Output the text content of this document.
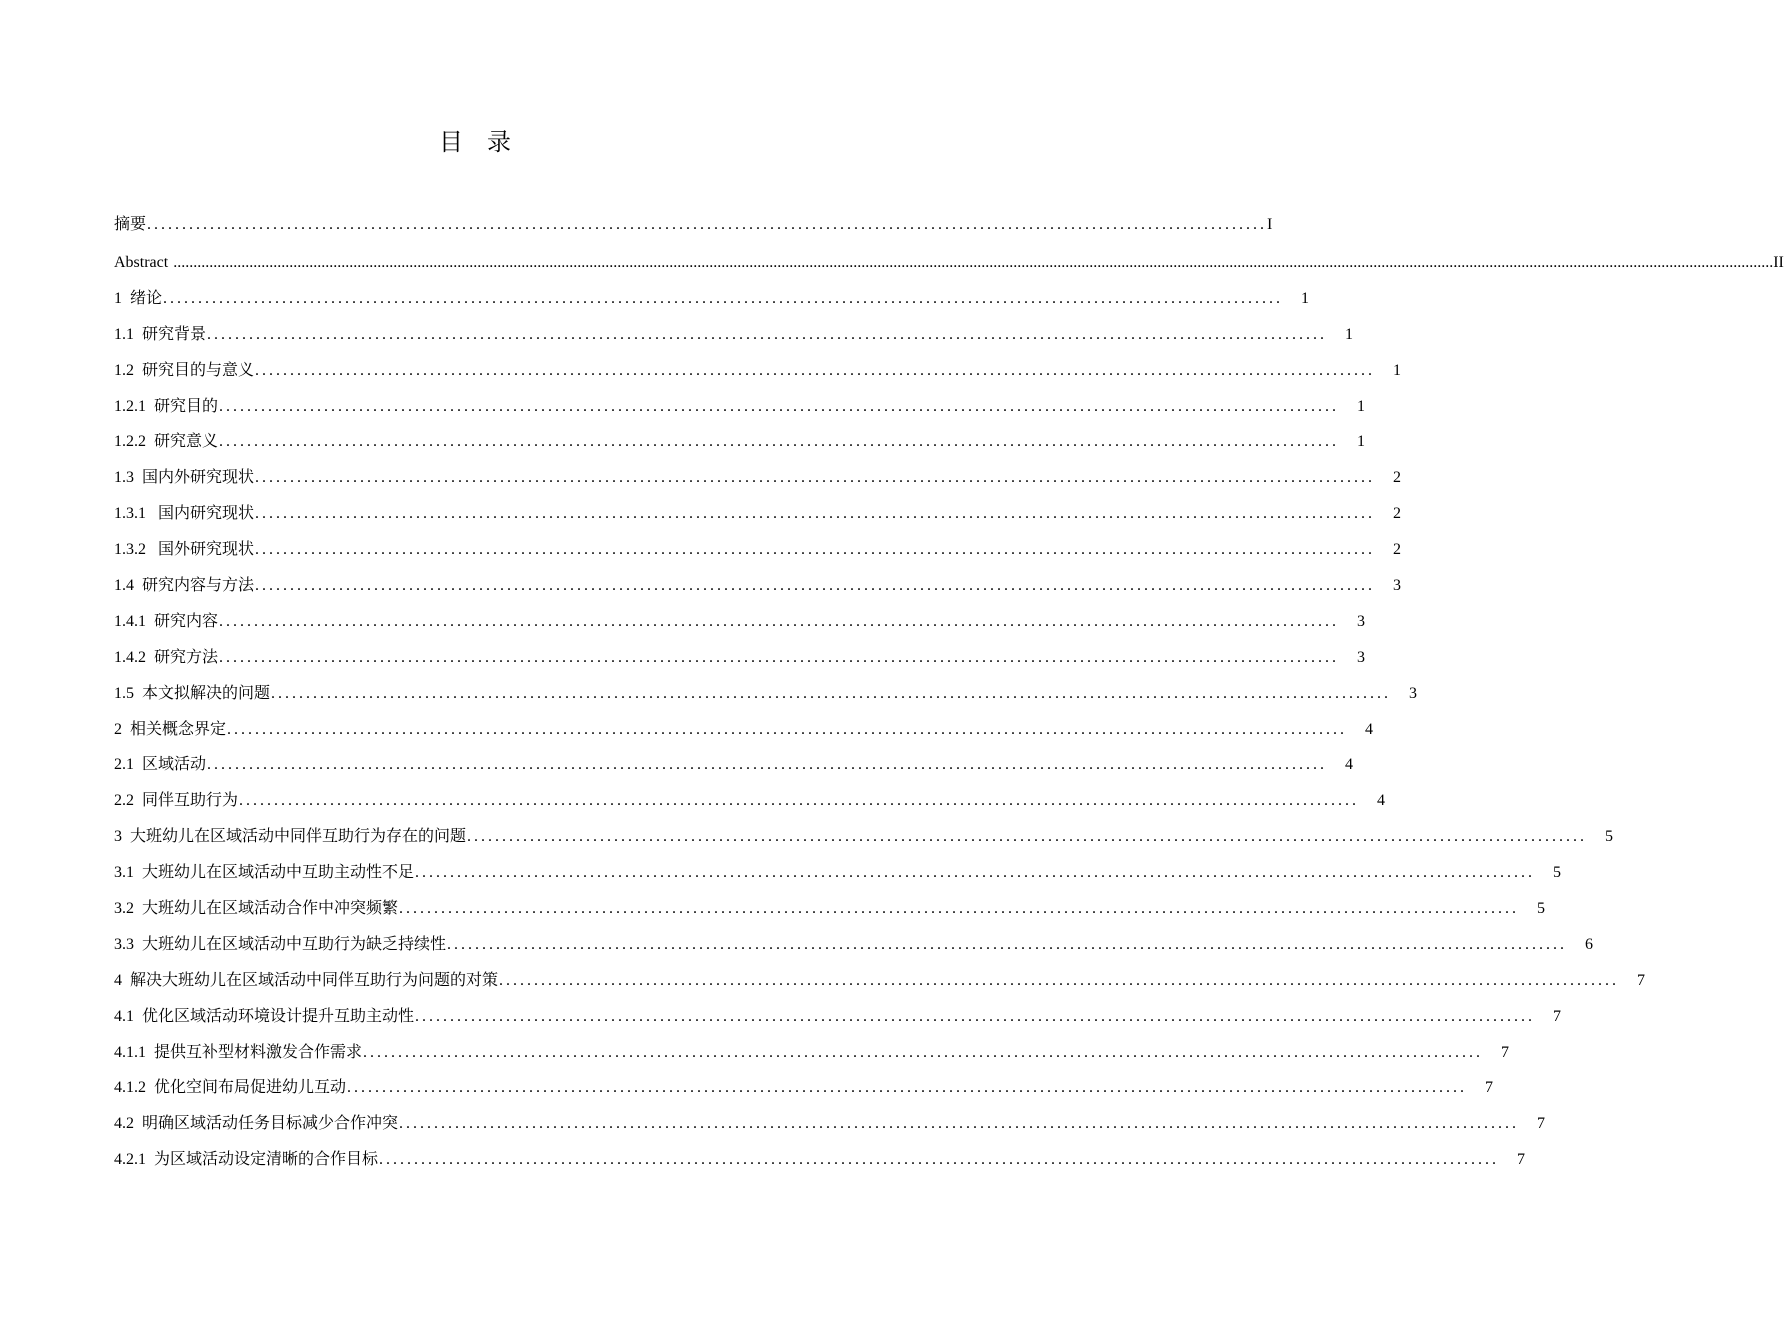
目    录
摘要 ................................................................................................................................................................ I
Abstract ................................................................................................................................................................................................................................................................................................................................................................................................................ II
1  绪论 ................................................................................................................................................................	1
1.1  研究背景 ................................................................................................................................................................	1
1.2  研究目的与意义 ................................................................................................................................................................	1
1.2.1  研究目的 ................................................................................................................................................................	1
1.2.2  研究意义 ................................................................................................................................................................	1
1.3  国内外研究现状 ................................................................................................................................................................	2
1.3.1   国内研究现状 ................................................................................................................................................................	2
1.3.2   国外研究现状 ................................................................................................................................................................	2
1.4  研究内容与方法 ................................................................................................................................................................	3
1.4.1  研究内容 ................................................................................................................................................................	3
1.4.2  研究方法 ................................................................................................................................................................	3
1.5  本文拟解决的问题 ................................................................................................................................................................	3
2  相关概念界定 ................................................................................................................................................................	4
2.1  区域活动 ................................................................................................................................................................	4
2.2  同伴互助行为 ................................................................................................................................................................	4
3  大班幼儿在区域活动中同伴互助行为存在的问题 ................................................................................................................................................................	5
3.1  大班幼儿在区域活动中互助主动性不足 ................................................................................................................................................................	5
3.2  大班幼儿在区域活动合作中冲突频繁 ................................................................................................................................................................	5
3.3  大班幼儿在区域活动中互助行为缺乏持续性 ................................................................................................................................................................	6
4  解决大班幼儿在区域活动中同伴互助行为问题的对策 ................................................................................................................................................................	7
4.1  优化区域活动环境设计提升互助主动性 ................................................................................................................................................................	7
4.1.1  提供互补型材料激发合作需求 ................................................................................................................................................................	7
4.1.2  优化空间布局促进幼儿互动 ................................................................................................................................................................	7
4.2  明确区域活动任务目标减少合作冲突 ................................................................................................................................................................	7
4.2.1  为区域活动设定清晰的合作目标 ................................................................................................................................................................	7
